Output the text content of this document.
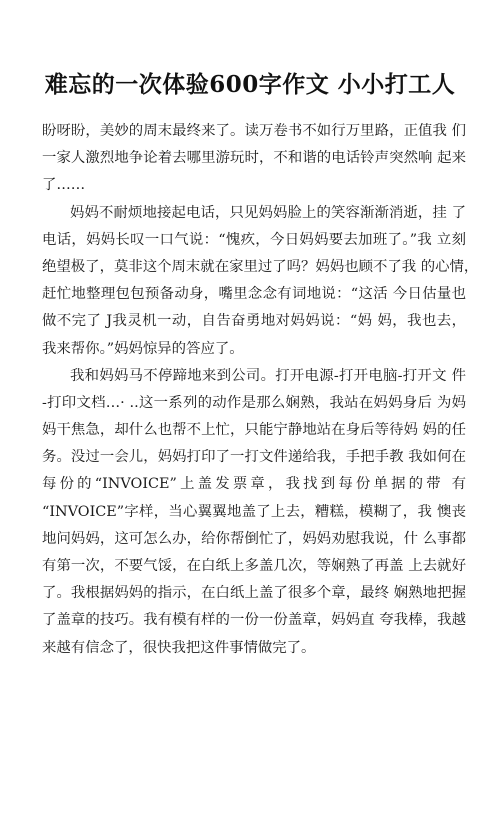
难忘的一次体验600字作文 小小打工人
盼呀盼，美妙的周末最终来了。读万卷书不如行万里路，正值我 们
一家人激烈地争论着去哪里游玩时，不和谐的电话铃声突然响 起来
了……
妈妈不耐烦地接起电话，只见妈妈脸上的笑容渐渐消逝，挂 了
电话，妈妈长叹一口气说：“愧疚，今日妈妈要去加班了。”我 立刻
绝望极了，莫非这个周末就在家里过了吗？妈妈也顾不了我 的心情，
赶忙地整理包包预备动身，嘴里念念有词地说：“这活 今日估量也
做不完了 J我灵机一动，自告奋勇地对妈妈说：“妈 妈，我也去，
我来帮你。”妈妈惊异的答应了。
我和妈妈马不停蹄地来到公司。打开电源-打开电脑-打开文 件
-打印文档…· ..这一系列的动作是那么娴熟，我站在妈妈身后 为妈
妈干焦急，却什么也帮不上忙，只能宁静地站在身后等待妈 妈的任
务。没过一会儿，妈妈打印了一打文件递给我，手把手教 我如何在
每份的“INVOICE”上盖发票章，我找到每份单据的带 有
“INVOICE”字样，当心翼翼地盖了上去，糟糕，模糊了，我 懊丧
地问妈妈，这可怎么办，给你帮倒忙了，妈妈劝慰我说，什 么事都
有第一次，不要气馁，在白纸上多盖几次，等娴熟了再盖 上去就好
了。我根据妈妈的指示，在白纸上盖了很多个章，最终 娴熟地把握
了盖章的技巧。我有模有样的一份一份盖章，妈妈直 夸我棒，我越
来越有信念了，很快我把这件事情做完了。
